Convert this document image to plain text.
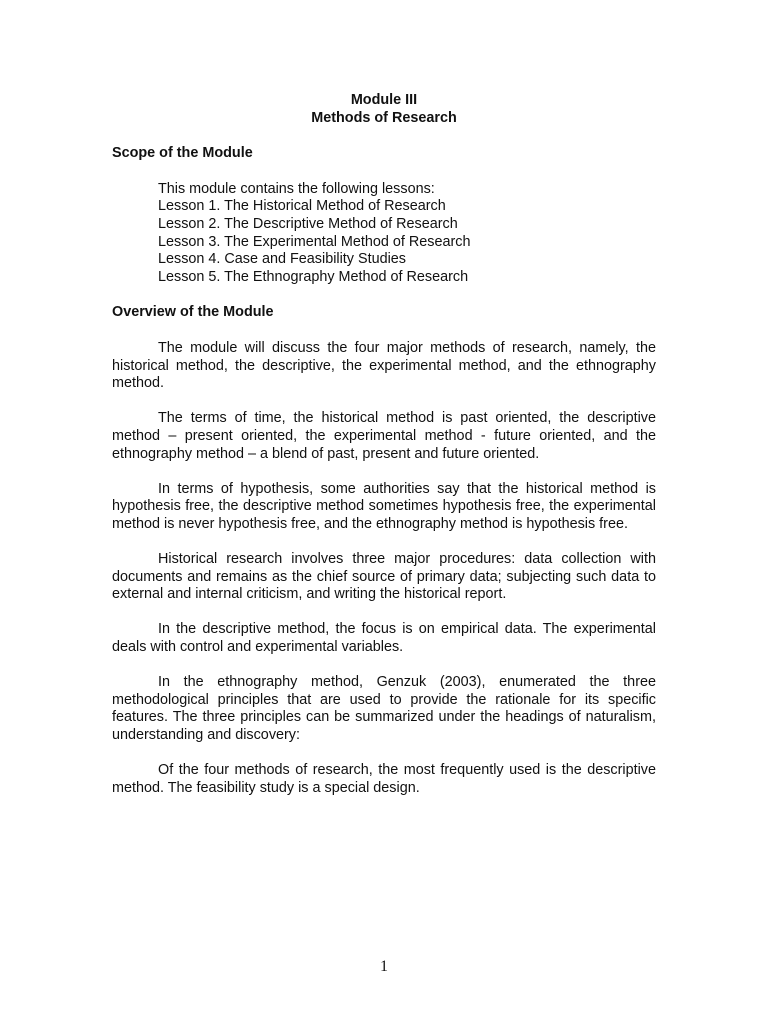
Module III

Methods of Research

Scope of the Module

This module contains the following lessons:

Lesson 1. The Historical Method of Research

Lesson 2. The Descriptive Method of Research

Lesson 3. The Experimental Method of Research

Lesson 4. Case and Feasibility Studies

Lesson 5. The Ethnography Method of Research

Overview of the Module

The module will discuss the four major methods of research, namely, the historical method, the descriptive, the experimental method, and the ethnography method.

The terms of time, the historical method is past oriented, the descriptive method – present oriented, the experimental method - future oriented, and the ethnography method – a blend of past, present and future oriented.

In terms of hypothesis, some authorities say that the historical method is hypothesis free, the descriptive method sometimes hypothesis free, the experimental method is never hypothesis free, and the ethnography method is hypothesis free.

Historical research involves three major procedures: data collection with documents and remains as the chief source of primary data; subjecting such data to external and internal criticism, and writing the historical report.

In the descriptive method, the focus is on empirical data. The experimental deals with control and experimental variables.

In the ethnography method, Genzuk (2003), enumerated the three methodological principles that are used to provide the rationale for its specific features. The three principles can be summarized under the headings of naturalism, understanding and discovery:

Of the four methods of research, the most frequently used is the descriptive method. The feasibility study is a special design.

1
